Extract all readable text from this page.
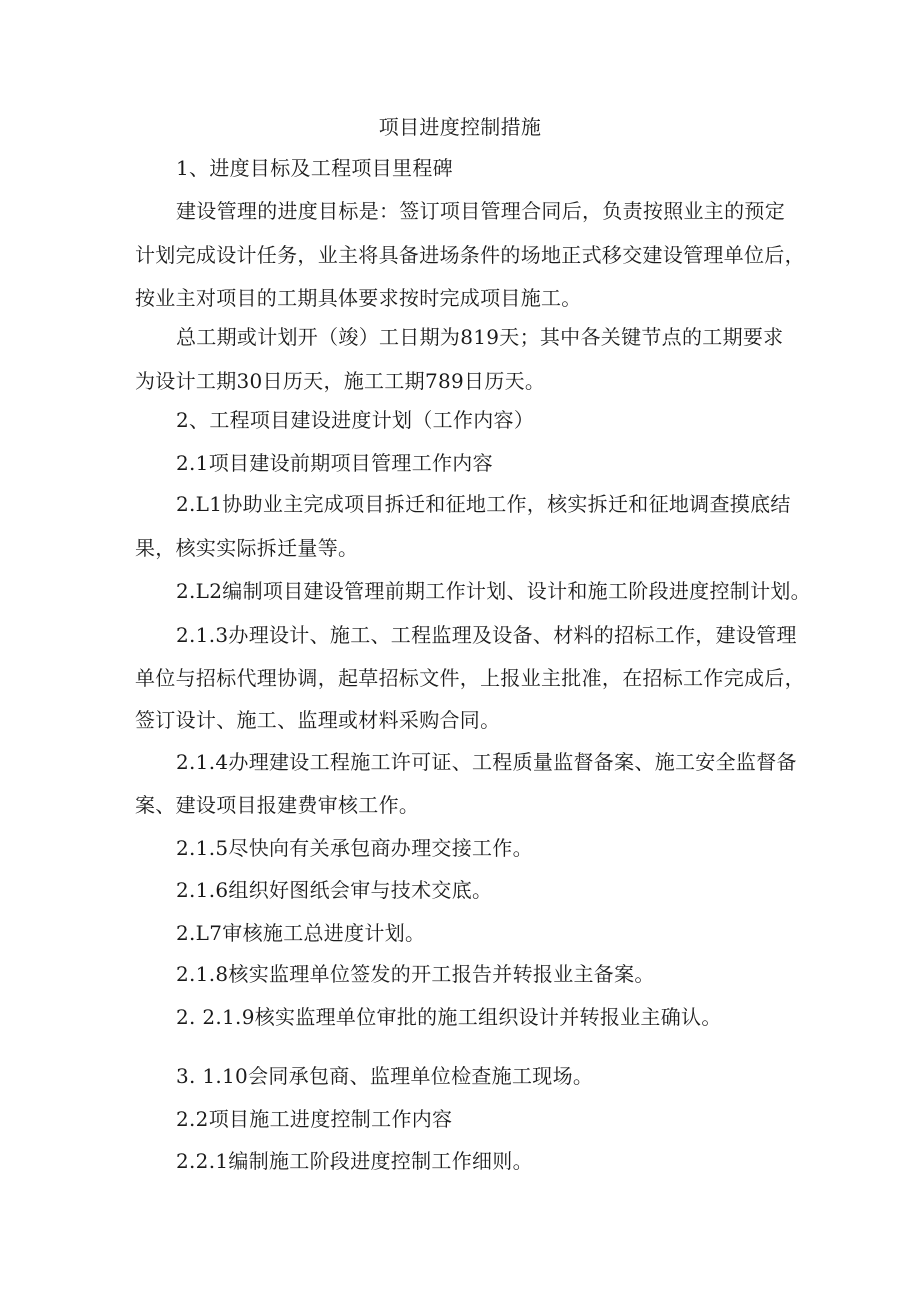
项目进度控制措施
1、进度目标及工程项目里程碑
建设管理的进度目标是：签订项目管理合同后，负责按照业主的预定
计划完成设计任务，业主将具备进场条件的场地正式移交建设管理单位后，
按业主对项目的工期具体要求按时完成项目施工。
总工期或计划开（竣）工日期为819天；其中各关键节点的工期要求
为设计工期30日历天，施工工期789日历天。
2、工程项目建设进度计划（工作内容）
2.1项目建设前期项目管理工作内容
2.L1协助业主完成项目拆迁和征地工作，核实拆迁和征地调查摸底结
果，核实实际拆迁量等。
2.L2编制项目建设管理前期工作计划、设计和施工阶段进度控制计划。
2.1.3办理设计、施工、工程监理及设备、材料的招标工作，建设管理
单位与招标代理协调，起草招标文件，上报业主批准，在招标工作完成后，
签订设计、施工、监理或材料采购合同。
2.1.4办理建设工程施工许可证、工程质量监督备案、施工安全监督备
案、建设项目报建费审核工作。
2.1.5尽快向有关承包商办理交接工作。
2.1.6组织好图纸会审与技术交底。
2.L7审核施工总进度计划。
2.1.8核实监理单位签发的开工报告并转报业主备案。
2. 2.1.9核实监理单位审批的施工组织设计并转报业主确认。
3. 1.10会同承包商、监理单位检查施工现场。
2.2项目施工进度控制工作内容
2.2.1编制施工阶段进度控制工作细则。
